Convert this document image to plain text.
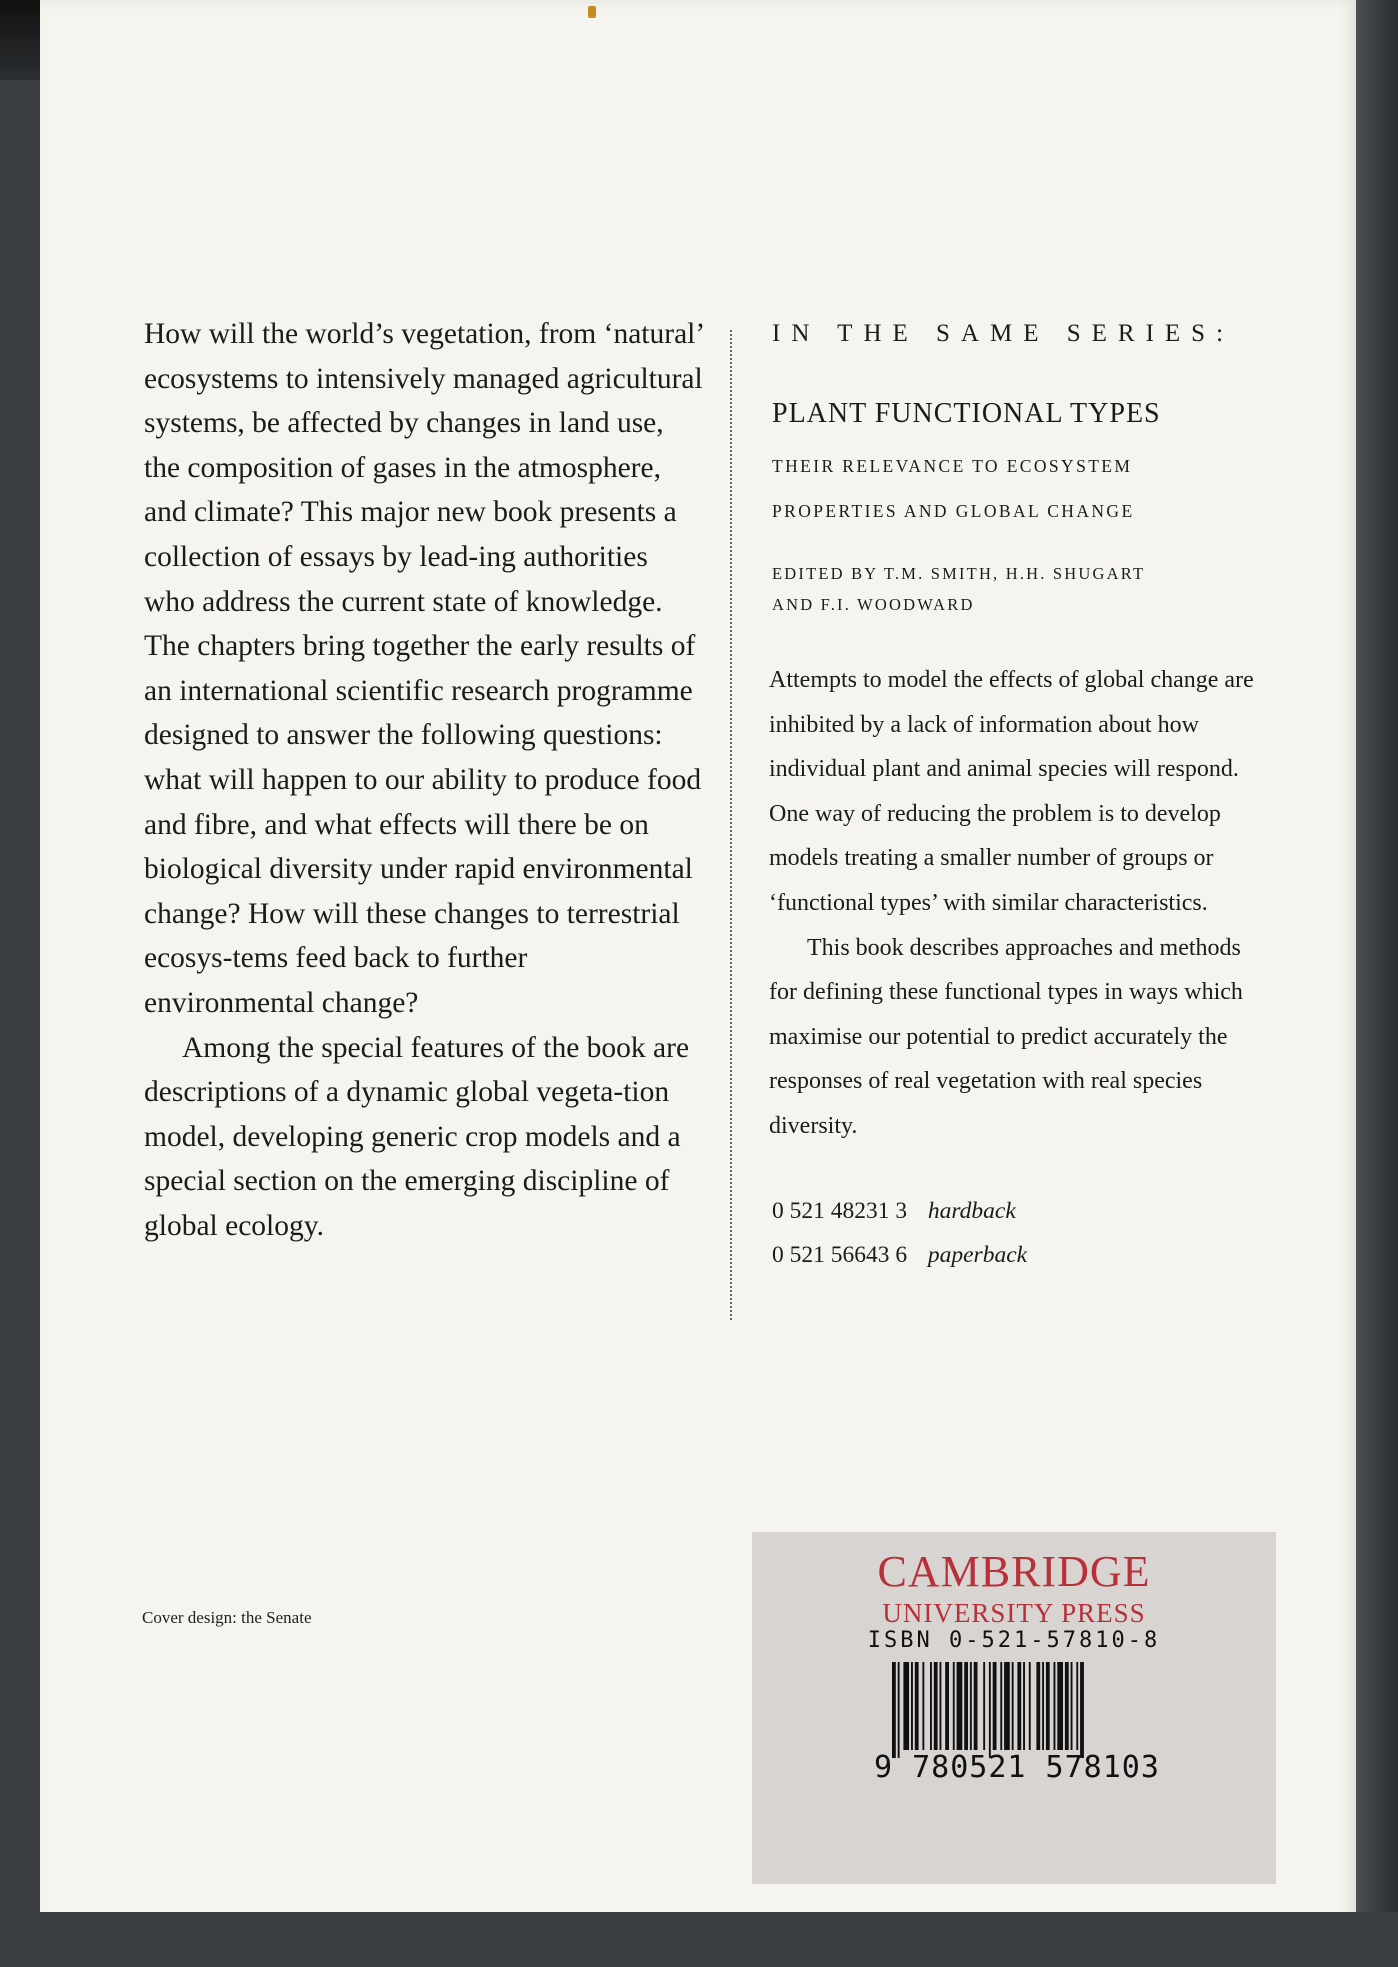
How will the world’s vegetation, from ‘natural’ ecosystems to intensively managed agricultural systems, be affected by changes in land use, the composition of gases in the atmosphere, and climate? This major new book presents a collection of essays by lead-ing authorities who address the current state of knowledge. The chapters bring together the early results of an international scientific research programme designed to answer the following questions: what will happen to our ability to produce food and fibre, and what effects will there be on biological diversity under rapid environmental change? How will these changes to terrestrial ecosys-tems feed back to further environmental change?

Among the special features of the book are descriptions of a dynamic global vegeta-tion model, developing generic crop models and a special section on the emerging discipline of global ecology.

IN THE SAME SERIES:
PLANT FUNCTIONAL TYPES
THEIR RELEVANCE TO ECOSYSTEM
PROPERTIES AND GLOBAL CHANGE
EDITED BY T.M. SMITH, H.H. SHUGART
AND F.I. WOODWARD

Attempts to model the effects of global change are inhibited by a lack of information about how individual plant and animal species will respond. One way of reducing the problem is to develop models treating a smaller number of groups or ‘functional types’ with similar characteristics.

This book describes approaches and methods for defining these functional types in ways which maximise our potential to predict accurately the responses of real vegetation with real species diversity.

0 521 48231 3 hardback
0 521 56643 6 paperback
Cover design: the Senate
CAMBRIDGE
UNIVERSITY PRESS
ISBN 0-521-57810-8
9 780521 578103
